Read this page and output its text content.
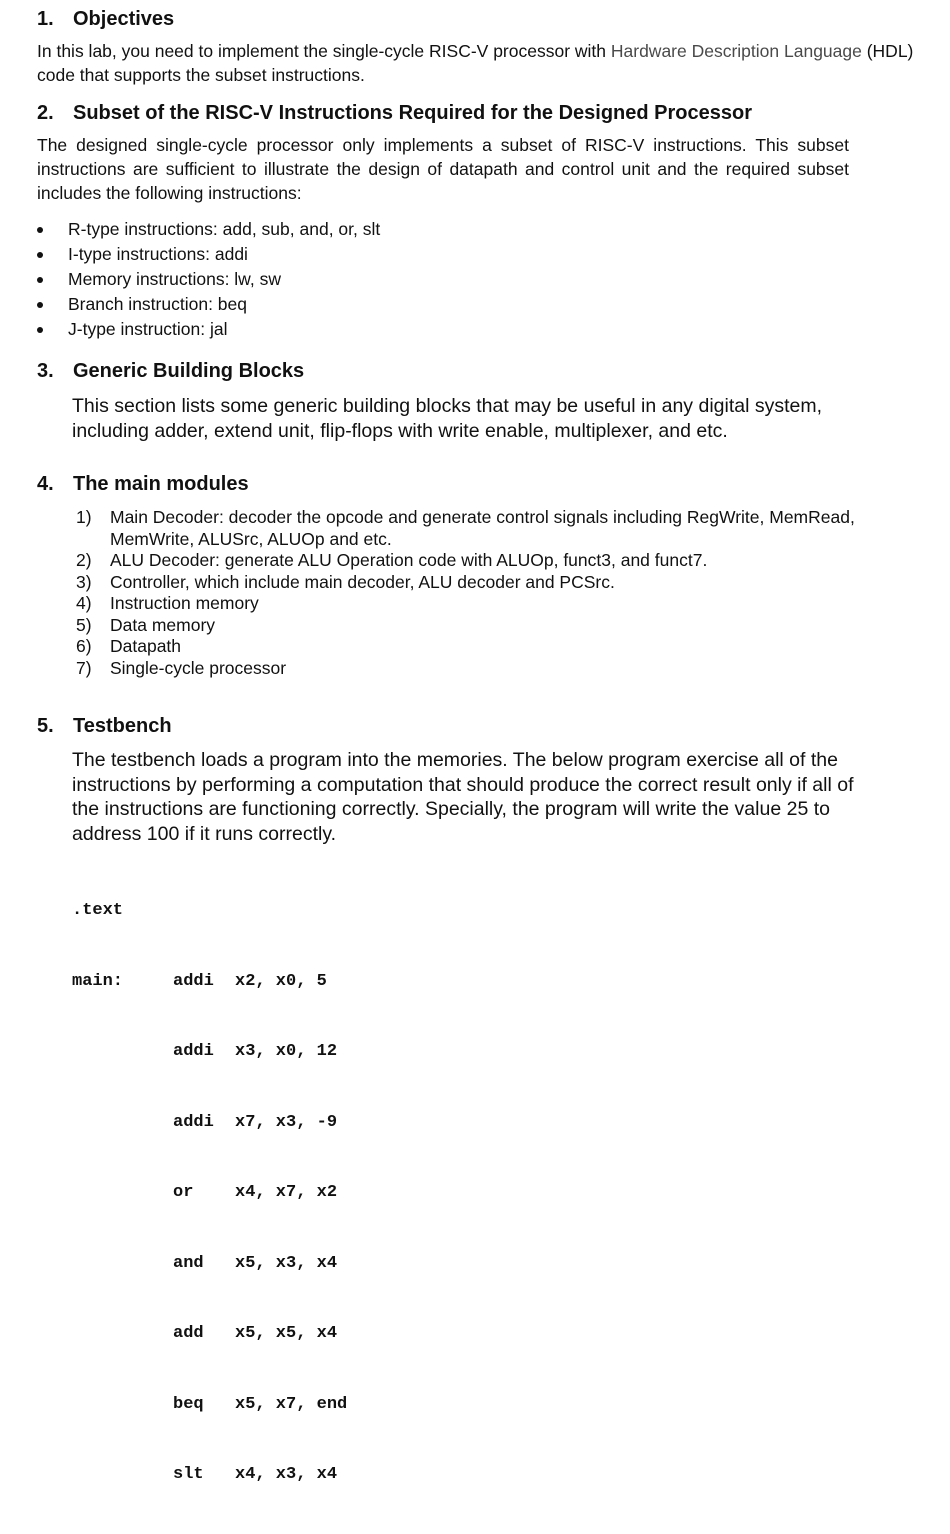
1. Objectives

In this lab, you need to implement the single-cycle RISC-V processor with Hardware Description Language (HDL) code that supports the subset instructions.

2. Subset of the RISC-V Instructions Required for the Designed Processor

The designed single-cycle processor only implements a subset of RISC-V instructions. This subset instructions are sufficient to illustrate the design of datapath and control unit and the required subset includes the following instructions:

R-type instructions: add, sub, and, or, slt
I-type instructions: addi
Memory instructions: lw, sw
Branch instruction: beq
J-type instruction: jal
3. Generic Building Blocks

This section lists some generic building blocks that may be useful in any digital system, including adder, extend unit, flip-flops with write enable, multiplexer, and etc.

4. The main modules
1) Main Decoder: decoder the opcode and generate control signals including RegWrite, MemRead, MemWrite, ALUSrc, ALUOp and etc.
2) ALU Decoder: generate ALU Operation code with ALUOp, funct3, and funct7.
3) Controller, which include main decoder, ALU decoder and PCSrc.
4) Instruction memory
5) Data memory
6) Datapath
7) Single-cycle processor
5. Testbench

The testbench loads a program into the memories. The below program exercise all of the instructions by performing a computation that should produce the correct result only if all of the instructions are functioning correctly. Specially, the program will write the value 25 to address 100 if it runs correctly.

.text

main:	addi x2, x0, 5

addi x3, x0, 12

addi x7, x3, -9

or x4, x7, x2

and x5, x3, x4

add x5, x5, x4

beq x5, x7, end

slt x4, x3, x4
